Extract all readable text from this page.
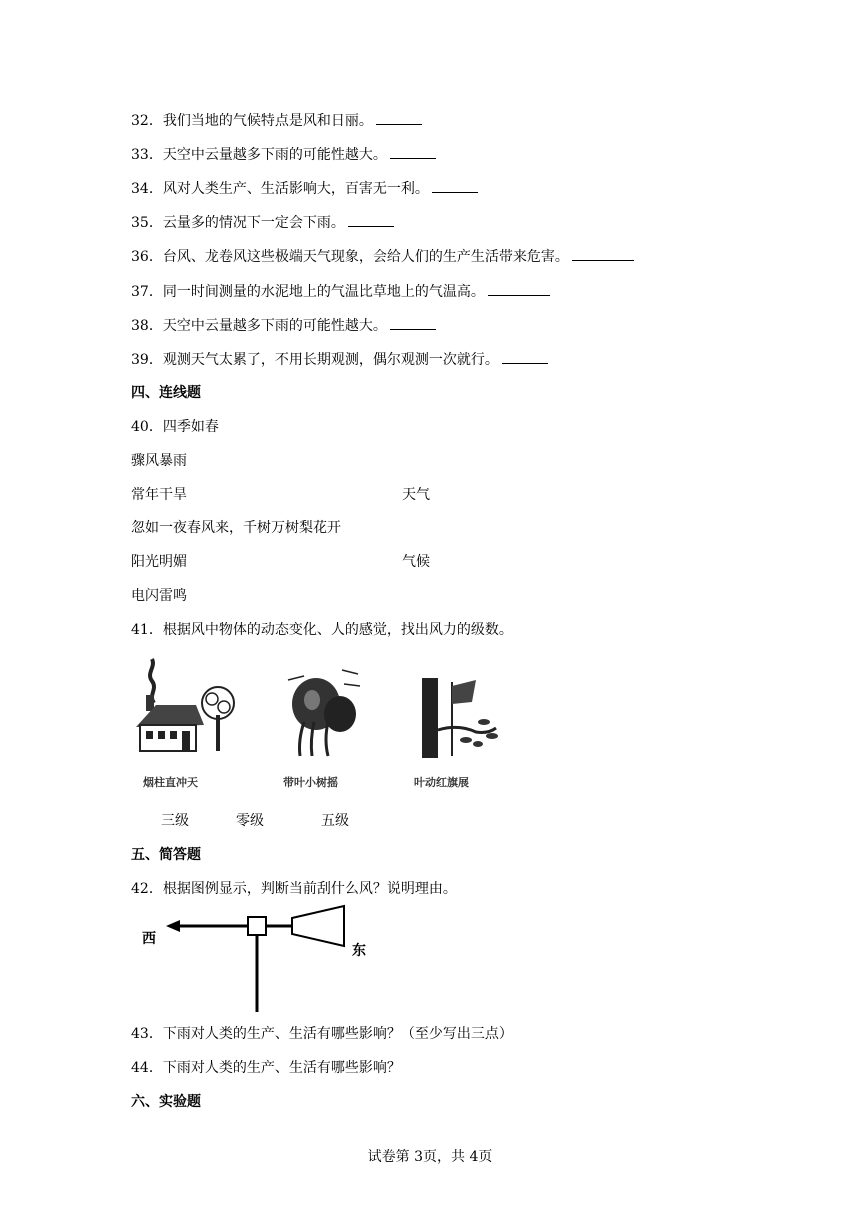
32．我们当地的气候特点是风和日丽。
33．天空中云量越多下雨的可能性越大。
34．风对人类生产、生活影响大，百害无一利。
35．云量多的情况下一定会下雨。
36．台风、龙卷风这些极端天气现象，会给人们的生产生活带来危害。
37．同一时间测量的水泥地上的气温比草地上的气温高。
38．天空中云量越多下雨的可能性越大。
39．观测天气太累了，不用长期观测，偶尔观测一次就行。
四、连线题
40．四季如春
骤风暴雨
常年干旱	天气
忽如一夜春风来，千树万树梨花开
阳光明媚	气候
电闪雷鸣
41．根据风中物体的动态变化、人的感觉，找出风力的级数。
烟柱直冲天	带叶小树摇	叶动红旗展
三级	零级	五级
五、简答题
42．根据图例显示，判断当前刮什么风？说明理由。
西
东
43．下雨对人类的生产、生活有哪些影响？（至少写出三点）
44．下雨对人类的生产、生活有哪些影响？
六、实验题
试卷第 3页，共 4页
